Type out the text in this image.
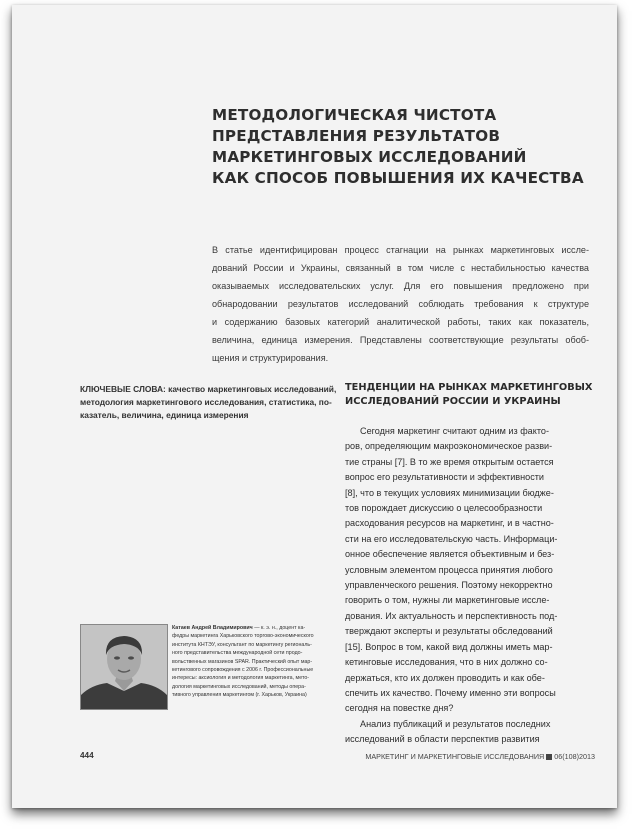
МЕТОДОЛОГИЧЕСКАЯ ЧИСТОТА
ПРЕДСТАВЛЕНИЯ РЕЗУЛЬТАТОВ
МАРКЕТИНГОВЫХ ИССЛЕДОВАНИЙ
КАК СПОСОБ ПОВЫШЕНИЯ ИХ КАЧЕСТВА
В статье идентифицирован процесс стагнации на рынках маркетинговых иссле-
дований России и Украины, связанный в том числе с нестабильностью качества
оказываемых исследовательских услуг. Для его повышения предложено при
обнародовании результатов исследований соблюдать требования к структуре
и содержанию базовых категорий аналитической работы, таких как показатель,
величина, единица измерения. Представлены соответствующие результаты обоб-
щения и структурирования.
КЛЮЧЕВЫЕ СЛОВА: качество маркетинговых исследований,
методология маркетингового исследования, статистика, по-
казатель, величина, единица измерения
ТЕНДЕНЦИИ НА РЫНКАХ МАРКЕТИНГОВЫХ
ИССЛЕДОВАНИЙ РОССИИ И УКРАИНЫ
Сегодня маркетинг считают одним из факто-
ров, определяющим макроэкономическое разви-
тие страны [7]. В то же время открытым остается
вопрос его результативности и эффективности
[8], что в текущих условиях минимизации бюдже-
тов порождает дискуссию о целесообразности
расходования ресурсов на маркетинг, и в частно-
сти на его исследовательскую часть. Информаци-
онное обеспечение является объективным и без-
условным элементом процесса принятия любого
управленческого решения. Поэтому некорректно
говорить о том, нужны ли маркетинговые иссле-
дования. Их актуальность и перспективность под-
тверждают эксперты и результаты обследований
[15]. Вопрос в том, какой вид должны иметь мар-
кетинговые исследования, что в них должно со-
держаться, кто их должен проводить и как обе-
спечить их качество. Почему именно эти вопросы
сегодня на повестке дня?
Анализ публикаций и результатов последних
исследований в области перспектив развития
Катаев Андрей Владимирович — к. э. н., доцент ка-
федры маркетинга Харьковского торгово-экономического
института КНТЭУ, консультант по маркетингу региональ-
ного представительства международной сети продо-
вольственных магазинов SPAR. Практический опыт мар-
кетингового сопровождения с 2006 г. Профессиональные
интересы: аксиология и методология маркетинга, мето-
дология маркетинговых исследований, методы опера-
тивного управления маркетингом (г. Харьков, Украина)
444	МАРКЕТИНГ И МАРКЕТИНГОВЫЕ ИССЛЕДОВАНИЯ 06(108)2013
